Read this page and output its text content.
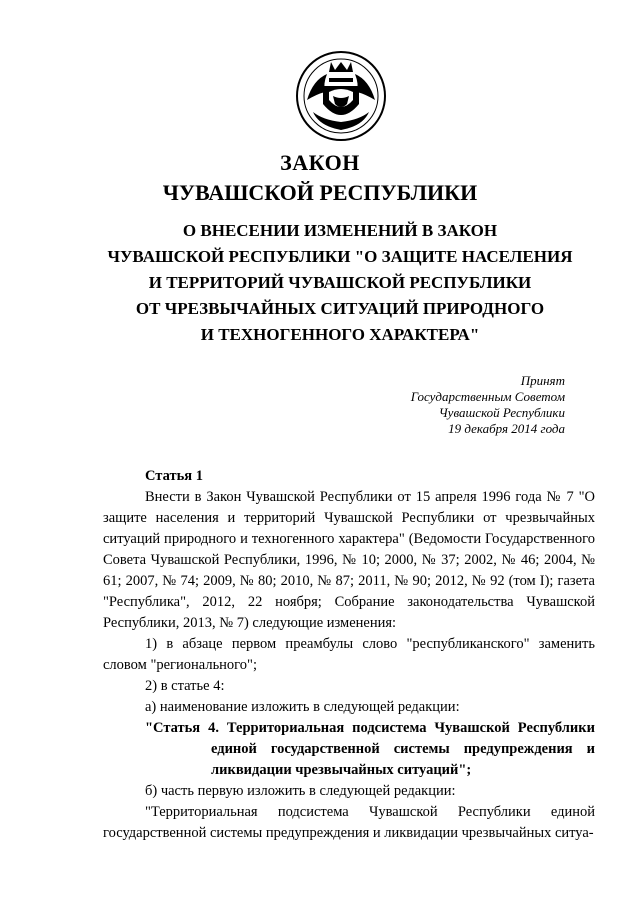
ЗАКОН
ЧУВАШСКОЙ РЕСПУБЛИКИ
О ВНЕСЕНИИ ИЗМЕНЕНИЙ В ЗАКОН
ЧУВАШСКОЙ РЕСПУБЛИКИ "О ЗАЩИТЕ НАСЕЛЕНИЯ
И ТЕРРИТОРИЙ ЧУВАШСКОЙ РЕСПУБЛИКИ
ОТ ЧРЕЗВЫЧАЙНЫХ СИТУАЦИЙ ПРИРОДНОГО
И ТЕХНОГЕННОГО ХАРАКТЕРА"
Принят
Государственным Советом
Чувашской Республики
19 декабря 2014 года

Статья 1

Внести в Закон Чувашской Республики от 15 апреля 1996 года № 7 "О защите населения и территорий Чувашской Республики от чрезвычайных ситуаций природного и техногенного характера" (Ведомости Государственного Совета Чувашской Республики, 1996, № 10; 2000, № 37; 2002, № 46; 2004, № 61; 2007, № 74; 2009, № 80; 2010, № 87; 2011, № 90; 2012, № 92 (том I); газета "Республика", 2012, 22 ноября; Собрание законодательства Чувашской Республики, 2013, № 7) следующие изменения:

1) в абзаце первом преамбулы слово "республиканского" заменить словом "регионального";

2) в статье 4:

а) наименование изложить в следующей редакции:

"Статья 4. Территориальная подсистема Чувашской Республики единой государственной системы предупреждения и ликвидации чрезвычайных ситуаций";

б) часть первую изложить в следующей редакции:

"Территориальная подсистема Чувашской Республики единой государственной системы предупреждения и ликвидации чрезвычайных ситуа-
